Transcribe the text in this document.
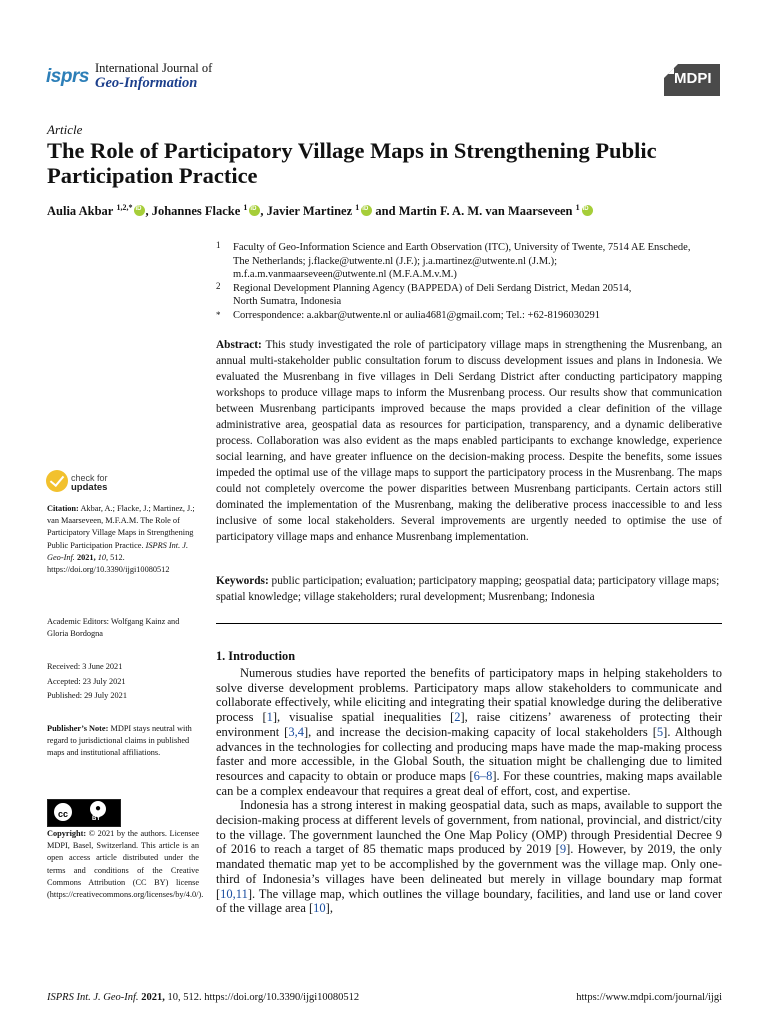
isprs International Journal of
Geo-Information	MDPI
Article
The Role of Participatory Village Maps in Strengthening Public Participation Practice
Aulia Akbar $^{1,2,*}$ iD , Johannes Flacke $^1$ iD , Javier Martinez $^1$ iD and Martin F. A. M. van Maarseveen $^1$iD
1 Faculty of Geo-Information Science and Earth Observation (ITC), University of Twente, 7514 AE Enschede,
The Netherlands; j.flacke@utwente.nl (J.F.); j.a.martinez@utwente.nl (J.M.);
m.f.a.m.vanmaarseveen@utwente.nl (M.F.A.M.v.M.)
2 Regional Development Planning Agency (BAPPEDA) of Deli Serdang District, Medan 20514,
North Sumatra, Indonesia
* Correspondence: a.akbar@utwente.nl or aulia4681@gmail.com; Tel.: +62-8196030291

Abstract: This study investigated the role of participatory village maps in strengthening the Musrenbang, an annual multi-stakeholder public consultation forum to discuss development issues and plans in Indonesia. We evaluated the Musrenbang in five villages in Deli Serdang District after conducting participatory mapping workshops to produce village maps to inform the Musrenbang process. Our results show that communication between Musrenbang participants improved because the maps provided a clear definition of the village administrative area, geospatial data as resources for participation, transparency, and a dynamic deliberative process. Collaboration was also evident as the maps enabled participants to exchange knowledge, experience social learning, and have greater influence on the decision-making process. Despite the benefits, some issues impeded the optimal use of the village maps to support the participatory process in the Musrenbang. The maps could not completely overcome the power disparities between Musrenbang participants. Certain actors still dominated the implementation of the Musrenbang, making the deliberative process inaccessible to and less inclusive of some local stakeholders. Several improvements are urgently needed to optimise the use of participatory village maps and enhance Musrenbang implementation.

Keywords: public participation; evaluation; participatory mapping; geospatial data; participatory village maps; spatial knowledge; village stakeholders; rural development; Musrenbang; Indonesia

1. Introduction

Numerous studies have reported the benefits of participatory maps in helping stakeholders to solve diverse development problems. Participatory maps allow stakeholders to communicate and collaborate effectively, while eliciting and integrating their spatial knowledge during the deliberative process [1], visualise spatial inequalities [2], raise citizens’ awareness of protecting their environment [3,4], and increase the decision-making capacity of local stakeholders [5]. Although advances in the technologies for collecting and producing maps have made the map-making process faster and more accessible, in the Global South, the situation might be challenging due to limited resources and capacity to obtain or produce maps [6–8]. For these countries, making maps available can be a complex endeavour that requires a great deal of effort, cost, and expertise.

Indonesia has a strong interest in making geospatial data, such as maps, available to support the decision-making process at different levels of government, from national, provincial, and district/city to the village. The government launched the One Map Policy (OMP) through Presidential Decree 9 of 2016 to reach a target of 85 thematic maps produced by 2019 [9]. However, by 2019, the only mandated thematic map yet to be accomplished by the government was the village map. Only one-third of Indonesia’s villages have been delineated but merely in village boundary map format [10,11]. The village map, which outlines the village boundary, facilities, and land use or land cover of the village area [10],

check for
updates
Citation: Akbar, A.; Flacke, J.; Martinez, J.; van Maarseveen, M.F.A.M. The Role of Participatory Village Maps in Strengthening Public Participation Practice. ISPRS Int. J. Geo-Inf. 2021, 10, 512. https://doi.org/10.3390/ijgi10080512
Academic Editors: Wolfgang Kainz and Gloria Bordogna
Received: 3 June 2021
Accepted: 23 July 2021
Published: 29 July 2021
Publisher’s Note: MDPI stays neutral with regard to jurisdictional claims in published maps and institutional affiliations.
cc	●
BY
Copyright: © 2021 by the authors. Licensee MDPI, Basel, Switzerland. This article is an open access article distributed under the terms and conditions of the Creative Commons Attribution (CC BY) license (https://creativecommons.org/licenses/by/4.0/).
ISPRS Int. J. Geo-Inf. 2021, 10, 512. https://doi.org/10.3390/ijgi10080512	https://www.mdpi.com/journal/ijgi
